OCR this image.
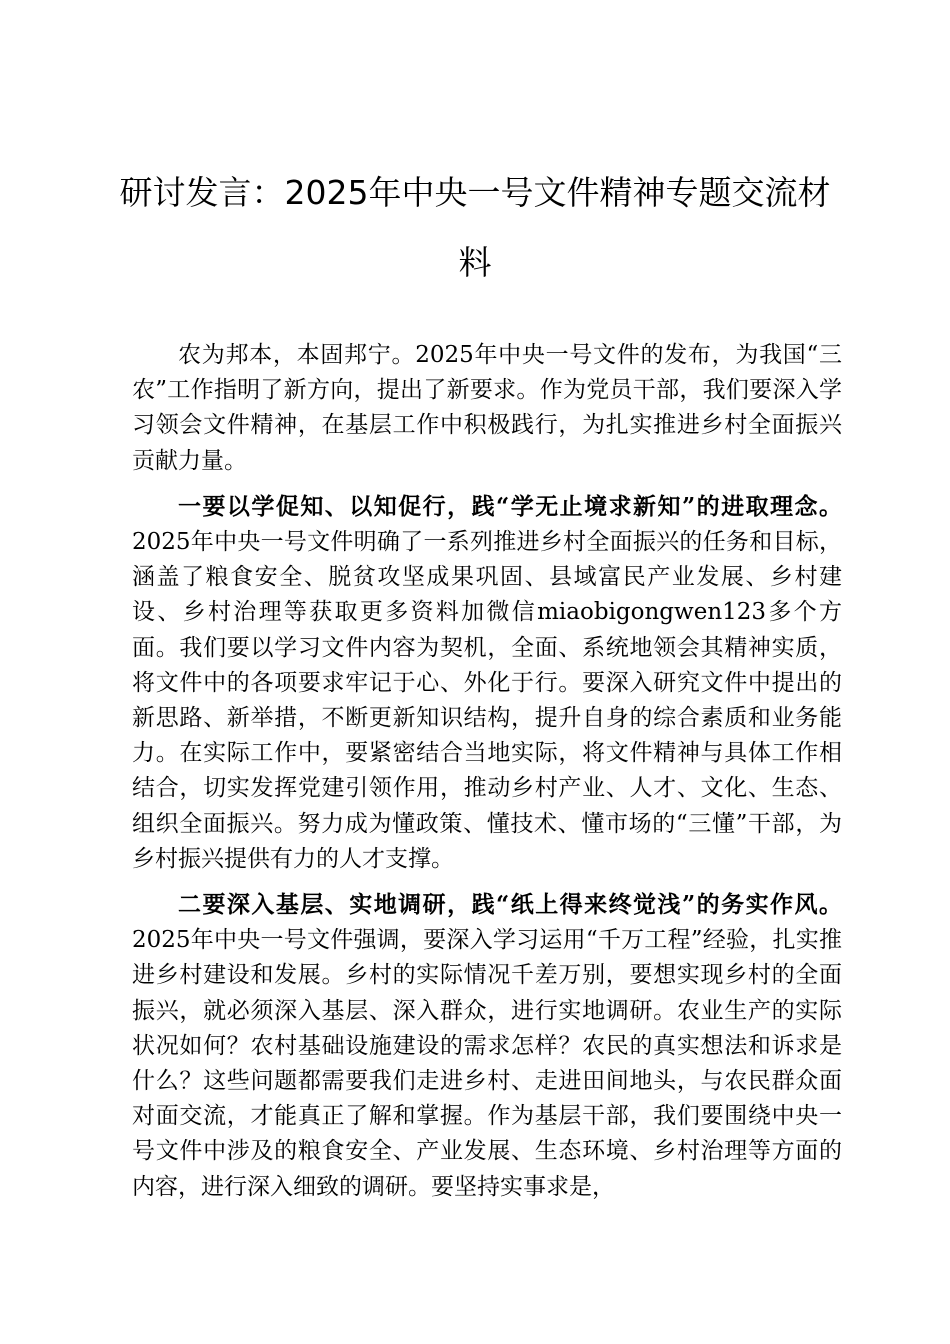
研讨发言：2025年中央一号文件精神专题交流材料

农为邦本，本固邦宁。2025年中央一号文件的发布，为我国“三农”工作指明了新方向，提出了新要求。作为党员干部，我们要深入学习领会文件精神，在基层工作中积极践行，为扎实推进乡村全面振兴贡献力量。

一要以学促知、以知促行，践“学无止境求新知”的进取理念。2025年中央一号文件明确了一系列推进乡村全面振兴的任务和目标，涵盖了粮食安全、脱贫攻坚成果巩固、县域富民产业发展、乡村建设、乡村治理等获取更多资料加微信miaobigongwen123多个方面。我们要以学习文件内容为契机，全面、系统地领会其精神实质，将文件中的各项要求牢记于心、外化于行。要深入研究文件中提出的新思路、新举措，不断更新知识结构，提升自身的综合素质和业务能力。在实际工作中，要紧密结合当地实际，将文件精神与具体工作相结合，切实发挥党建引领作用，推动乡村产业、人才、文化、生态、组织全面振兴。努力成为懂政策、懂技术、懂市场的“三懂”干部，为乡村振兴提供有力的人才支撑。

二要深入基层、实地调研，践“纸上得来终觉浅”的务实作风。2025年中央一号文件强调，要深入学习运用“千万工程”经验，扎实推进乡村建设和发展。乡村的实际情况千差万别，要想实现乡村的全面振兴，就必须深入基层、深入群众，进行实地调研。农业生产的实际状况如何？农村基础设施建设的需求怎样？农民的真实想法和诉求是什么？这些问题都需要我们走进乡村、走进田间地头，与农民群众面对面交流，才能真正了解和掌握。作为基层干部，我们要围绕中央一号文件中涉及的粮食安全、产业发展、生态环境、乡村治理等方面的内容，进行深入细致的调研。要坚持实事求是，
